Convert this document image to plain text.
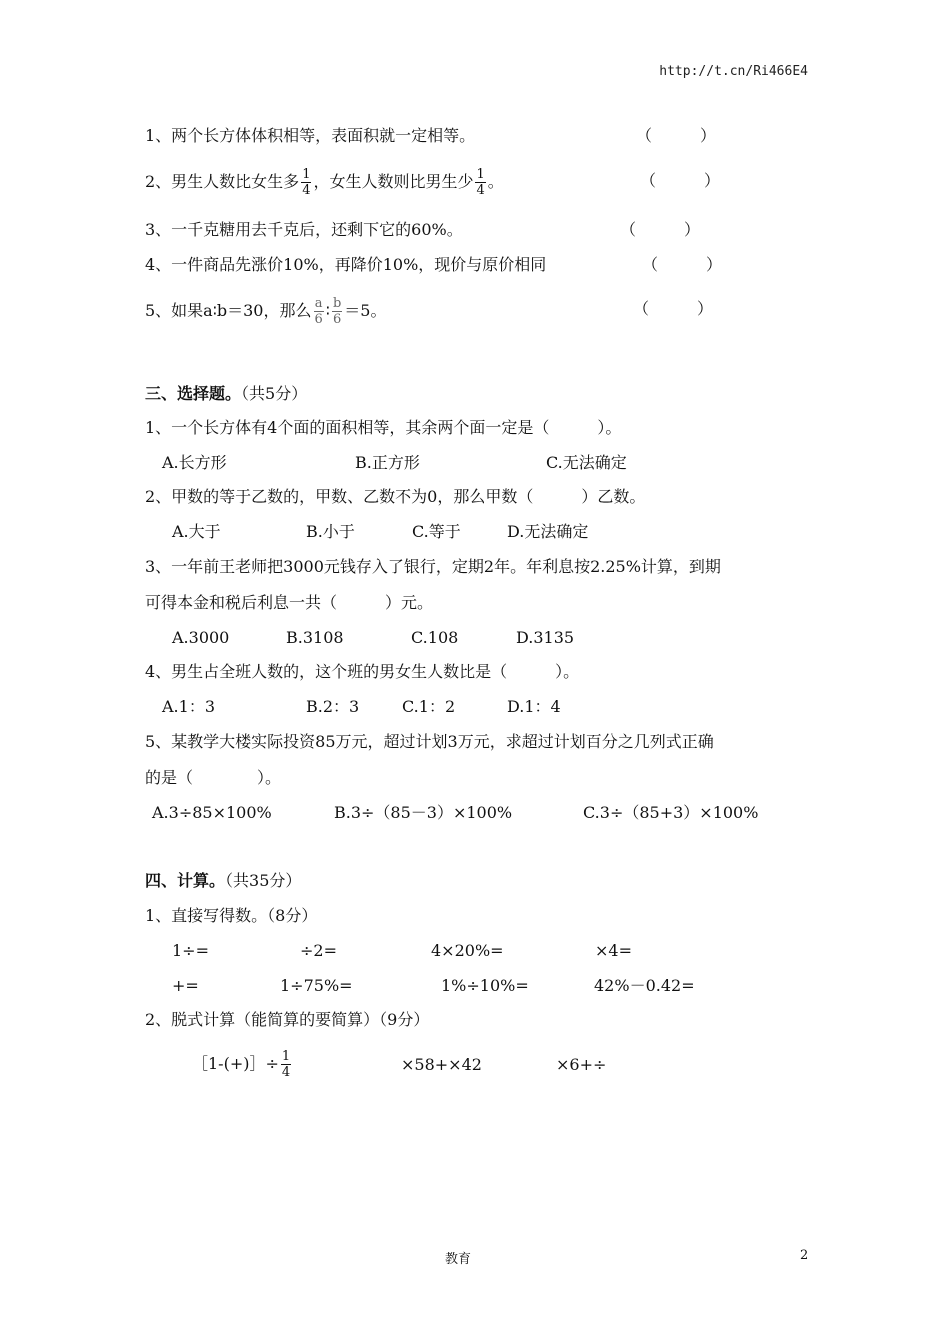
http://t.cn/Ri466E4
1、两个长方体体积相等，表面积就一定相等。	（　　　）
2、男生人数比女生多 $\frac{1}{4}$ ，女生人数则比男生少 $\frac{1}{4}$ 。	（　　　）
3、一千克糖用去千克后，还剩下它的60%。	（　　　）
4、一件商品先涨价10%，再降价10%，现价与原价相同	（　　　）
5、如果a∶b＝30，那么 $\frac{a}{6}$ ∶ $\frac{b}{6} =5$。	（　　　）
三、选择题。（共5分）
1、一个长方体有4个面的面积相等，其余两个面一定是（　　　）。
A.长方形	B.正方形	C.无法确定
2、甲数的等于乙数的，甲数、乙数不为0，那么甲数（　　　）乙数。
A.大于	B.小于	C.等于	D.无法确定
3、一年前王老师把3000元钱存入了银行，定期2年。年利息按2.25%计算，到期
可得本金和税后利息一共（　　　）元。
A.3000	B.3108	C.108	D.3135
4、男生占全班人数的，这个班的男女生人数比是（　　　）。
A.1：3	B.2：3	C.1：2	D.1：4
5、某教学大楼实际投资85万元，超过计划3万元，求超过计划百分之几列式正确
的是（　　　　）。
A.3÷85×100%	B.3÷（85－3）×100%	C.3÷（85+3）×100%
四、计算。（共35分）
1、直接写得数。（8分）
1÷=	÷2=	4×20%=	×4=
+=	1÷75%=	1%÷10%=	42%－0.42=
2、脱式计算（能简算的要简算）（9分）
［1-(+)］÷ $\frac{1}{4}$	×58+×42	×6+÷
教育	2
